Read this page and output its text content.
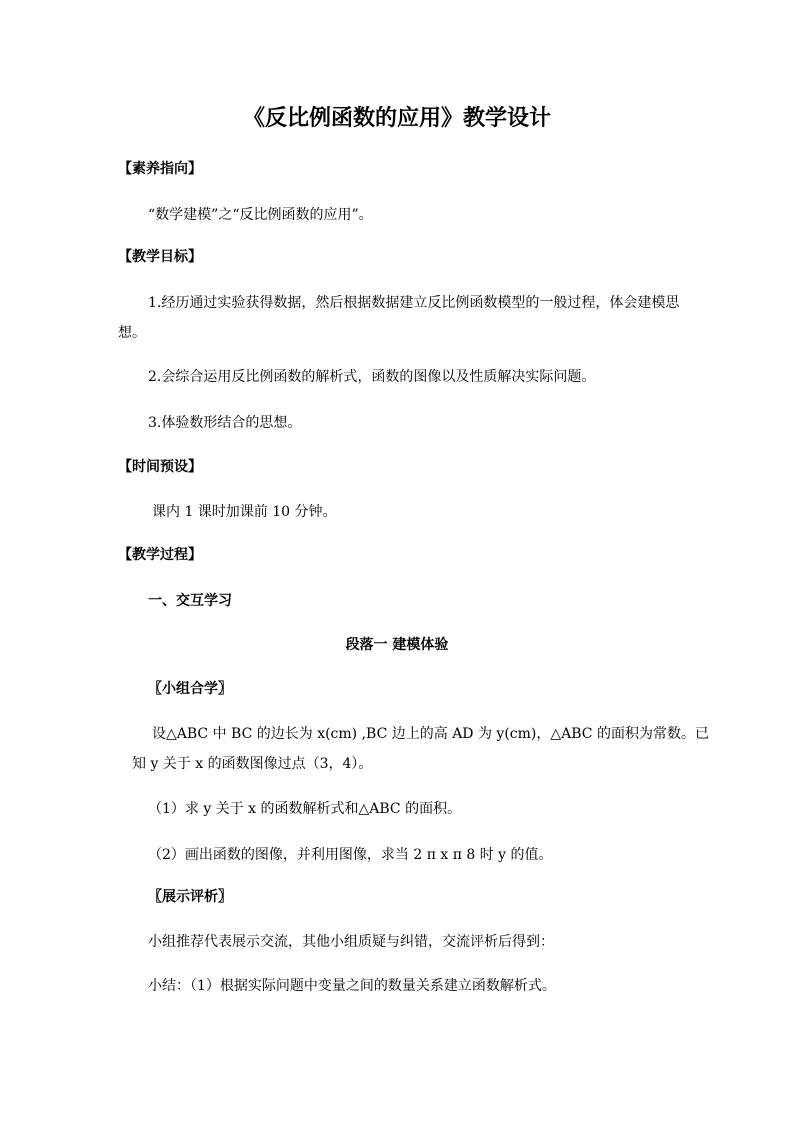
《反比例函数的应用》教学设计
【素养指向】
“数学建模”之“反比例函数的应用”。
【教学目标】
1.经历通过实验获得数据，然后根据数据建立反比例函数模型的一般过程，体会建模思
想。
2.会综合运用反比例函数的解析式，函数的图像以及性质解决实际问题。
3.体验数形结合的思想。
【时间预设】
课内 1 课时加课前 10 分钟。
【教学过程】
一、交互学习
段落一 建模体验
〖小组合学〗
设△ABC 中 BC 的边长为 x(cm) ,BC 边上的高 AD 为 y(cm)，△ABC 的面积为常数。已
知 y 关于 x 的函数图像过点（3，4）。
（1）求 y 关于 x 的函数解析式和△ABC 的面积。
（2）画出函数的图像，并利用图像，求当 2 π x π 8 时 y 的值。
〖展示评析〗
小组推荐代表展示交流，其他小组质疑与纠错，交流评析后得到：
小结：（1）根据实际问题中变量之间的数量关系建立函数解析式。
